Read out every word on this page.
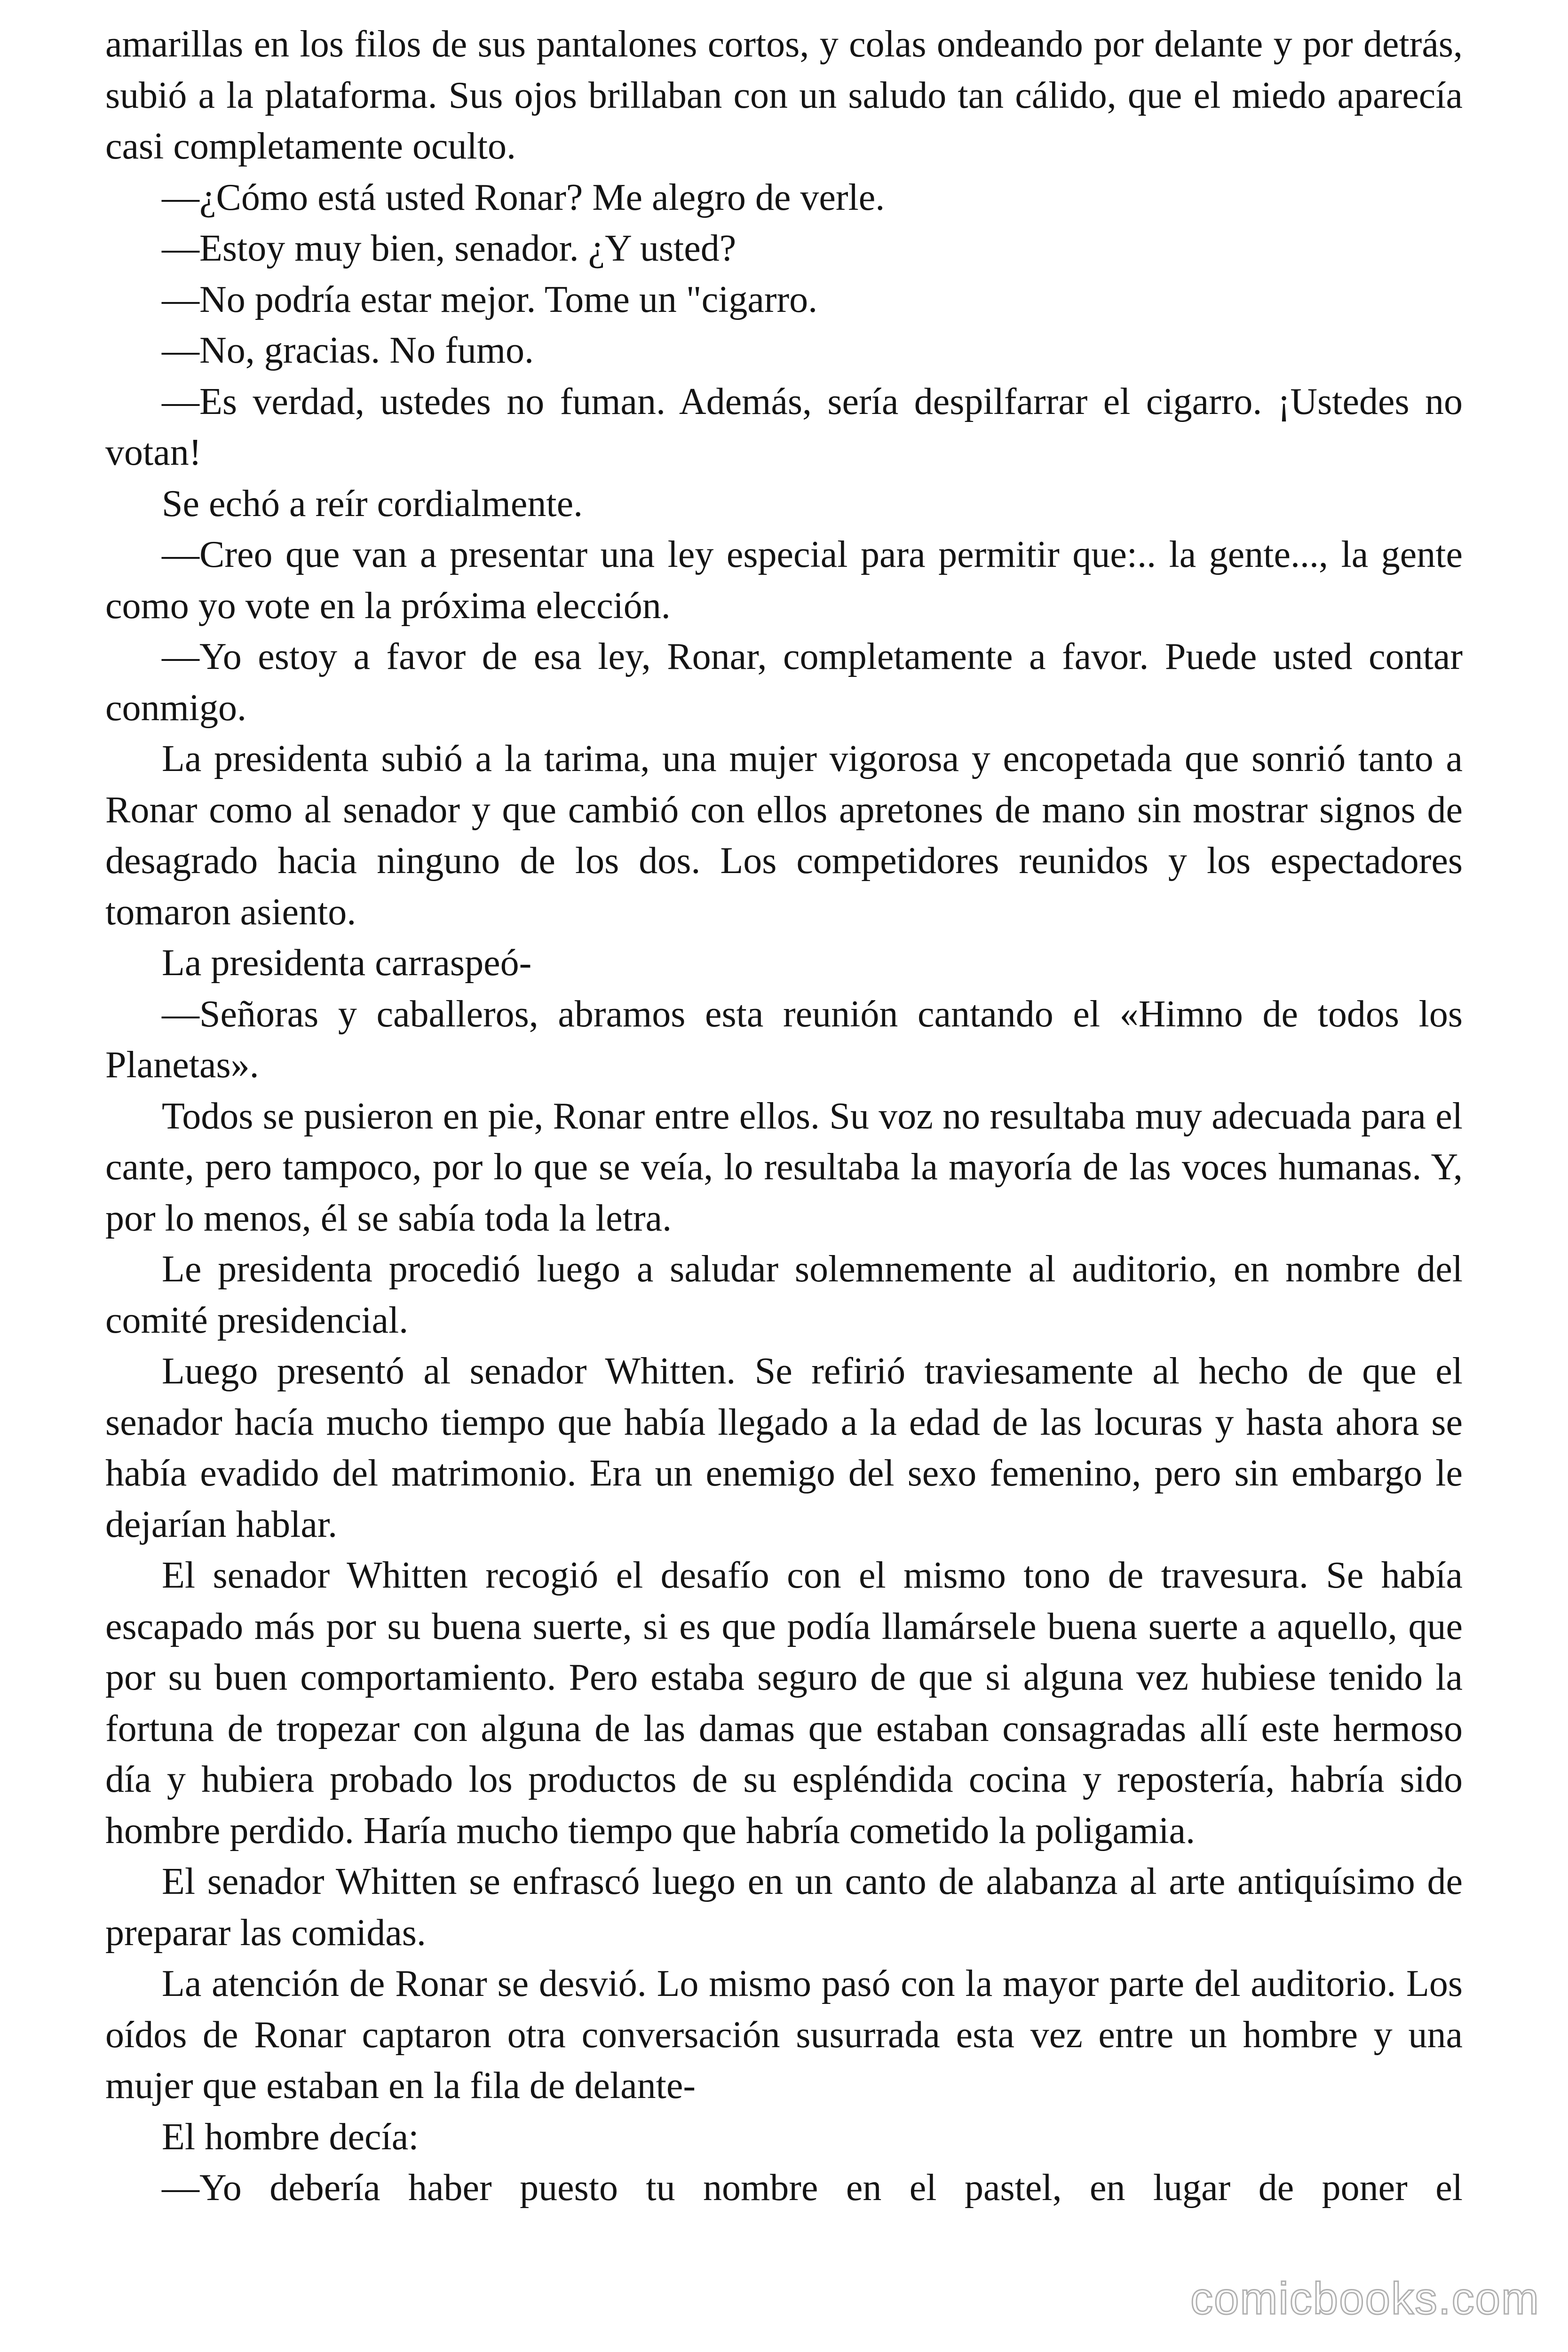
amarillas en los filos de sus pantalones cortos, y colas ondeando por delante y por detrás, subió a la plataforma. Sus ojos brillaban con un saludo tan cálido, que el miedo aparecía casi completamente oculto.

—¿Cómo está usted Ronar? Me alegro de verle.

—Estoy muy bien, senador. ¿Y usted?

—No podría estar mejor. Tome un "cigarro.

—No, gracias. No fumo.

—Es verdad, ustedes no fuman. Además, sería despilfarrar el cigarro. ¡Ustedes no votan!

Se echó a reír cordialmente.

—Creo que van a presentar una ley especial para permitir que:.. la gente..., la gente como yo vote en la próxima elección.

—Yo estoy a favor de esa ley, Ronar, completamente a favor. Puede usted contar conmigo.

La presidenta subió a la tarima, una mujer vigorosa y encopetada que sonrió tanto a Ronar como al senador y que cambió con ellos apretones de mano sin mostrar signos de desagrado hacia ninguno de los dos. Los competidores reunidos y los espectadores tomaron asiento.

La presidenta carraspeó-

—Señoras y caballeros, abramos esta reunión cantando el «Himno de todos los Planetas».

Todos se pusieron en pie, Ronar entre ellos. Su voz no resultaba muy adecuada para el cante, pero tampoco, por lo que se veía, lo resultaba la mayoría de las voces humanas. Y, por lo menos, él se sabía toda la letra.

Le presidenta procedió luego a saludar solemnemente al auditorio, en nombre del comité presidencial.

Luego presentó al senador Whitten. Se refirió traviesamente al hecho de que el senador hacía mucho tiempo que había llegado a la edad de las locuras y hasta ahora se había evadido del matrimonio. Era un enemigo del sexo femenino, pero sin embargo le dejarían hablar.

El senador Whitten recogió el desafío con el mismo tono de travesura. Se había escapado más por su buena suerte, si es que podía llamársele buena suerte a aquello, que por su buen comportamiento. Pero estaba seguro de que si alguna vez hubiese tenido la fortuna de tropezar con alguna de las damas que estaban consagradas allí este hermoso día y hubiera probado los productos de su espléndida cocina y repostería, habría sido hombre perdido. Haría mucho tiempo que habría cometido la poligamia.

El senador Whitten se enfrascó luego en un canto de alabanza al arte antiquísimo de preparar las comidas.

La atención de Ronar se desvió. Lo mismo pasó con la mayor parte del auditorio. Los oídos de Ronar captaron otra conversación susurrada esta vez entre un hombre y una mujer que estaban en la fila de delante-

El hombre decía:

—Yo debería haber puesto tu nombre en el pastel, en lugar de poner el

comicbooks.com
